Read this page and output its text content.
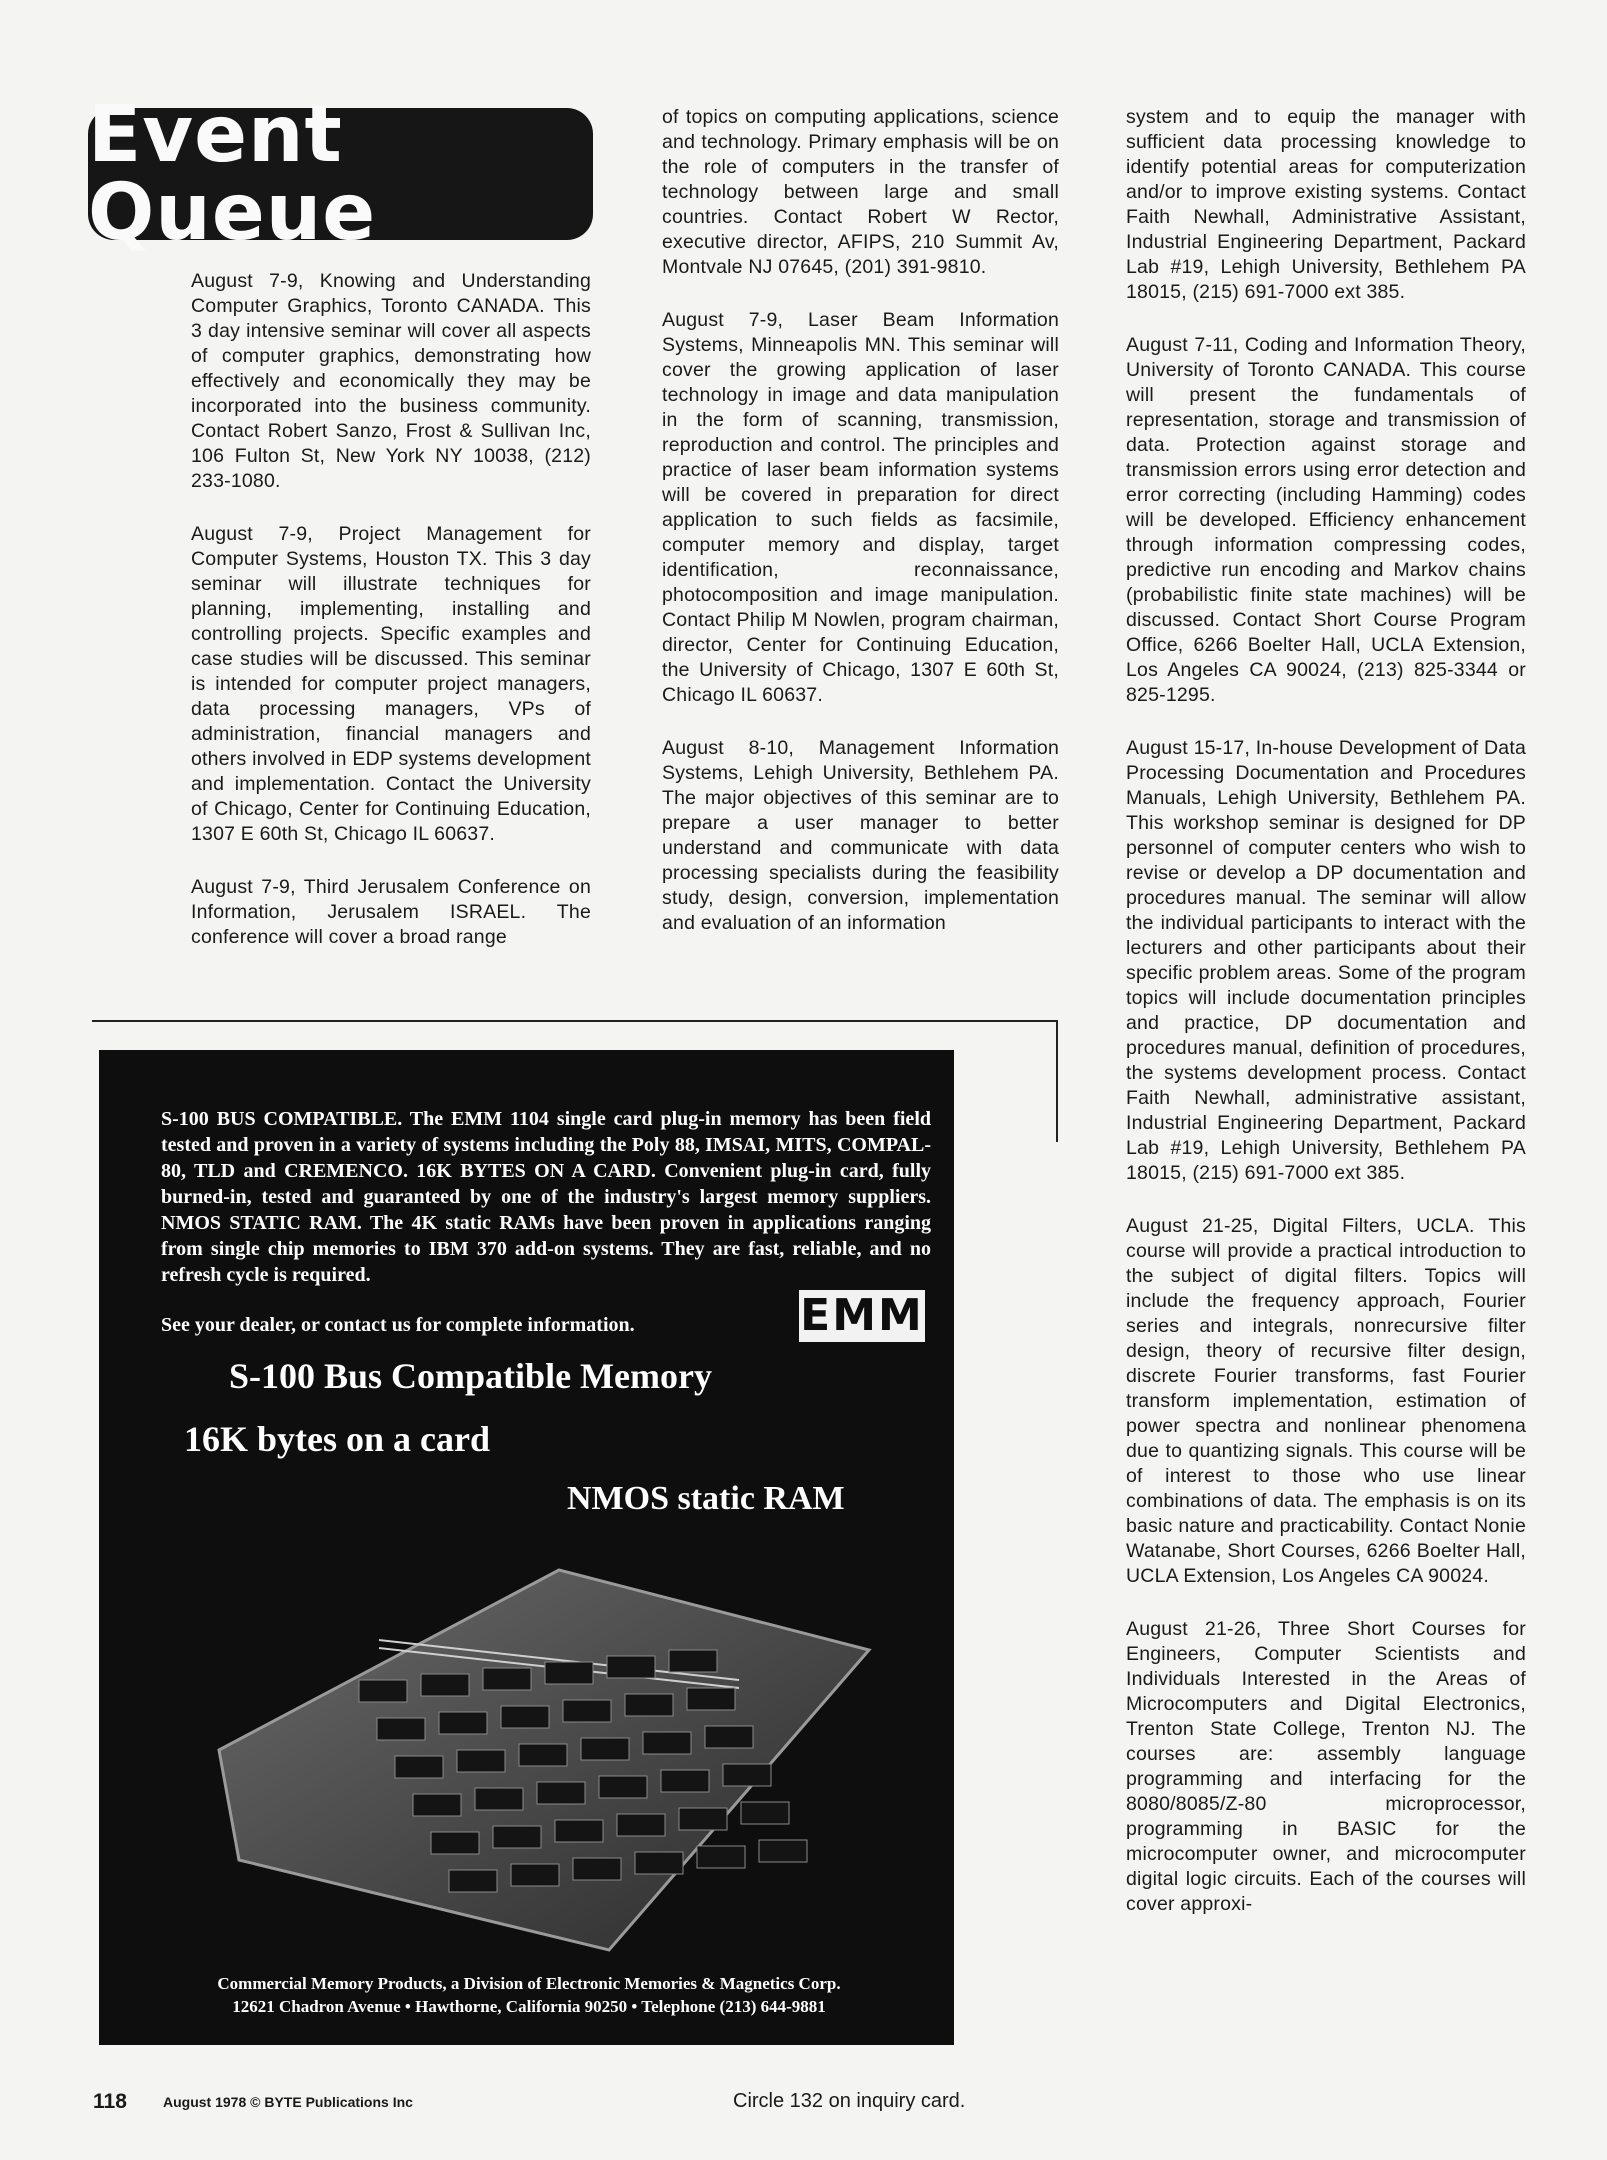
Event Queue

August 7-9, Knowing and Understanding Computer Graphics, Toronto CANADA. This 3 day intensive seminar will cover all aspects of computer graphics, demonstrating how effectively and economically they may be incorporated into the business community. Contact Robert Sanzo, Frost & Sullivan Inc, 106 Fulton St, New York NY 10038, (212) 233-1080.

August 7-9, Project Management for Computer Systems, Houston TX. This 3 day seminar will illustrate techniques for planning, implementing, installing and controlling projects. Specific examples and case studies will be discussed. This seminar is intended for computer project managers, data processing managers, VPs of administration, financial managers and others involved in EDP systems development and implementation. Contact the University of Chicago, Center for Continuing Education, 1307 E 60th St, Chicago IL 60637.

August 7-9, Third Jerusalem Conference on Information, Jerusalem ISRAEL. The conference will cover a broad range

of topics on computing applications, science and technology. Primary emphasis will be on the role of computers in the transfer of technology between large and small countries. Contact Robert W Rector, executive director, AFIPS, 210 Summit Av, Montvale NJ 07645, (201) 391-9810.

August 7-9, Laser Beam Information Systems, Minneapolis MN. This seminar will cover the growing application of laser technology in image and data manipulation in the form of scanning, transmission, reproduction and control. The principles and practice of laser beam information systems will be covered in preparation for direct application to such fields as facsimile, computer memory and display, target identification, reconnaissance, photocomposition and image manipulation. Contact Philip M Nowlen, program chairman, director, Center for Continuing Education, the University of Chicago, 1307 E 60th St, Chicago IL 60637.

August 8-10, Management Information Systems, Lehigh University, Bethlehem PA. The major objectives of this seminar are to prepare a user manager to better understand and communicate with data processing specialists during the feasibility study, design, conversion, implementation and evaluation of an information

system and to equip the manager with sufficient data processing knowledge to identify potential areas for computerization and/or to improve existing systems. Contact Faith Newhall, Administrative Assistant, Industrial Engineering Department, Packard Lab #19, Lehigh University, Bethlehem PA 18015, (215) 691-7000 ext 385.

August 7-11, Coding and Information Theory, University of Toronto CANADA. This course will present the fundamentals of representation, storage and transmission of data. Protection against storage and transmission errors using error detection and error correcting (including Hamming) codes will be developed. Efficiency enhancement through information compressing codes, predictive run encoding and Markov chains (probabilistic finite state machines) will be discussed. Contact Short Course Program Office, 6266 Boelter Hall, UCLA Extension, Los Angeles CA 90024, (213) 825-3344 or 825-1295.

August 15-17, In-house Development of Data Processing Documentation and Procedures Manuals, Lehigh University, Bethlehem PA. This workshop seminar is designed for DP personnel of computer centers who wish to revise or develop a DP documentation and procedures manual. The seminar will allow the individual participants to interact with the lecturers and other participants about their specific problem areas. Some of the program topics will include documentation principles and practice, DP documentation and procedures manual, definition of procedures, the systems development process. Contact Faith Newhall, administrative assistant, Industrial Engineering Department, Packard Lab #19, Lehigh University, Bethlehem PA 18015, (215) 691-7000 ext 385.

August 21-25, Digital Filters, UCLA. This course will provide a practical introduction to the subject of digital filters. Topics will include the frequency approach, Fourier series and integrals, nonrecursive filter design, theory of recursive filter design, discrete Fourier transforms, fast Fourier transform implementation, estimation of power spectra and nonlinear phenomena due to quantizing signals. This course will be of interest to those who use linear combinations of data. The emphasis is on its basic nature and practicability. Contact Nonie Watanabe, Short Courses, 6266 Boelter Hall, UCLA Extension, Los Angeles CA 90024.

August 21-26, Three Short Courses for Engineers, Computer Scientists and Individuals Interested in the Areas of Microcomputers and Digital Electronics, Trenton State College, Trenton NJ. The courses are: assembly language programming and interfacing for the 8080/8085/Z-80 microprocessor, programming in BASIC for the microcomputer owner, and microcomputer digital logic circuits. Each of the courses will cover approxi-

S-100 BUS COMPATIBLE. The EMM 1104 single card plug-in memory has been field tested and proven in a variety of systems including the Poly 88, IMSAI, MITS, COMPAL-80, TLD and CREMENCO. 16K BYTES ON A CARD. Convenient plug-in card, fully burned-in, tested and guaranteed by one of the industry's largest memory suppliers. NMOS STATIC RAM. The 4K static RAMs have been proven in applications ranging from single chip memories to IBM 370 add-on systems. They are fast, reliable, and no refresh cycle is required.
See your dealer, or contact us for complete information.	EMM
S-100 Bus Compatible Memory
16K bytes on a card
NMOS static RAM
Commercial Memory Products, a Division of Electronic Memories & Magnetics Corp.
12621 Chadron Avenue • Hawthorne, California 90250 • Telephone (213) 644-9881
118	August 1978 © BYTE Publications Inc	Circle 132 on inquiry card.
